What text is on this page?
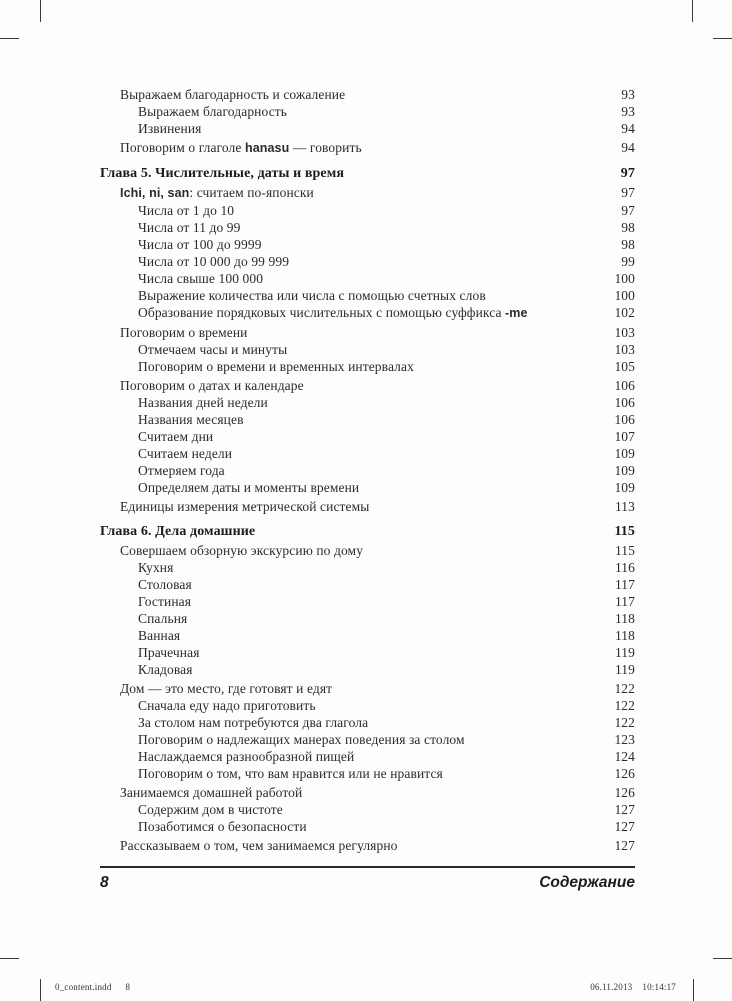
Выражаем благодарность и сожаление	93
Выражаем благодарность	93
Извинения	94
Поговорим о глаголе hanasu — говорить	94
Глава 5. Числительные, даты и время	97
Ichi, ni, san: считаем по-японски	97
Числа от 1 до 10	97
Числа от 11 до 99	98
Числа от 100 до 9999	98
Числа от 10 000 до 99 999	99
Числа свыше 100 000	100
Выражение количества или числа с помощью счетных слов	100
Образование порядковых числительных с помощью суффикса -me	102
Поговорим о времени	103
Отмечаем часы и минуты	103
Поговорим о времени и временных интервалах	105
Поговорим о датах и календаре	106
Названия дней недели	106
Названия месяцев	106
Считаем дни	107
Считаем недели	109
Отмеряем года	109
Определяем даты и моменты времени	109
Единицы измерения метрической системы	113
Глава 6. Дела домашние	115
Совершаем обзорную экскурсию по дому	115
Кухня	116
Столовая	117
Гостиная	117
Спальня	118
Ванная	118
Прачечная	119
Кладовая	119
Дом — это место, где готовят и едят	122
Сначала еду надо приготовить	122
За столом нам потребуются два глагола	122
Поговорим о надлежащих манерах поведения за столом	123
Наслаждаемся разнообразной пищей	124
Поговорим о том, что вам нравится или не нравится	126
Занимаемся домашней работой	126
Содержим дом в чистоте	127
Позаботимся о безопасности	127
Рассказываем о том, чем занимаемся регулярно	127
8	Содержание
0_content.indd 8	06.11.2013 10:14:17
